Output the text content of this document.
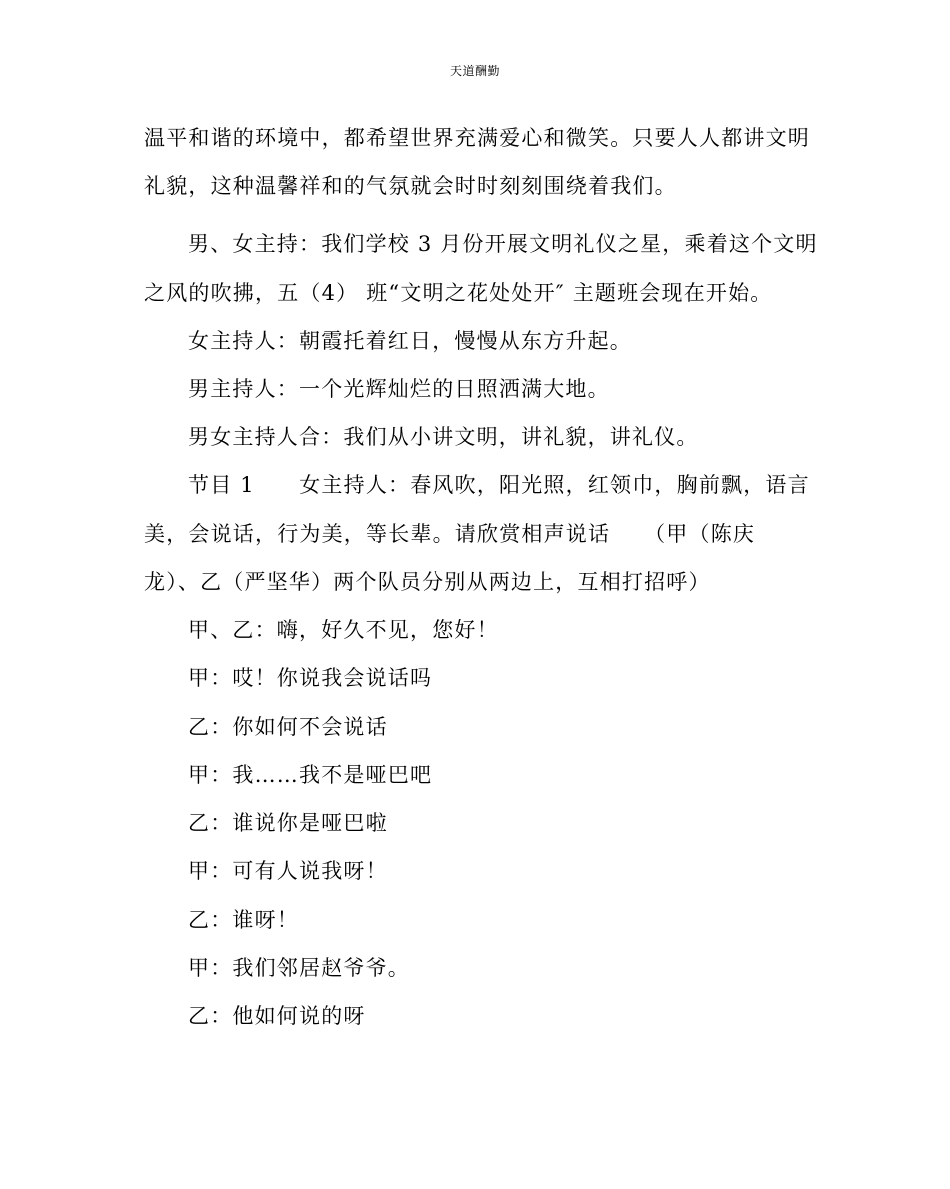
天道酬勤
温平和谐的环境中，都希望世界充满爱心和微笑。只要人人都讲文明
礼貌，这种温馨祥和的气氛就会时时刻刻围绕着我们。
男、女主持：我们学校 3 月份开展文明礼仪之星，乘着这个文明
之风的吹拂，五（4） 班“文明之花处处开″ 主题班会现在开始。
女主持人：朝霞托着红日，慢慢从东方升起。
男主持人：一个光辉灿烂的日照洒满大地。
男女主持人合：我们从小讲文明，讲礼貌，讲礼仪。
节目 1　　女主持人：春风吹，阳光照，红领巾，胸前飘，语言
美，会说话，行为美，等长辈。请欣赏相声说话　　（甲（陈庆
龙）、乙（严坚华）两个队员分别从两边上，互相打招呼）
甲、乙：嗨，好久不见，您好！
甲：哎！你说我会说话吗
乙：你如何不会说话
甲：我……我不是哑巴吧
乙：谁说你是哑巴啦
甲：可有人说我呀！
乙：谁呀！
甲：我们邻居赵爷爷。
乙：他如何说的呀
